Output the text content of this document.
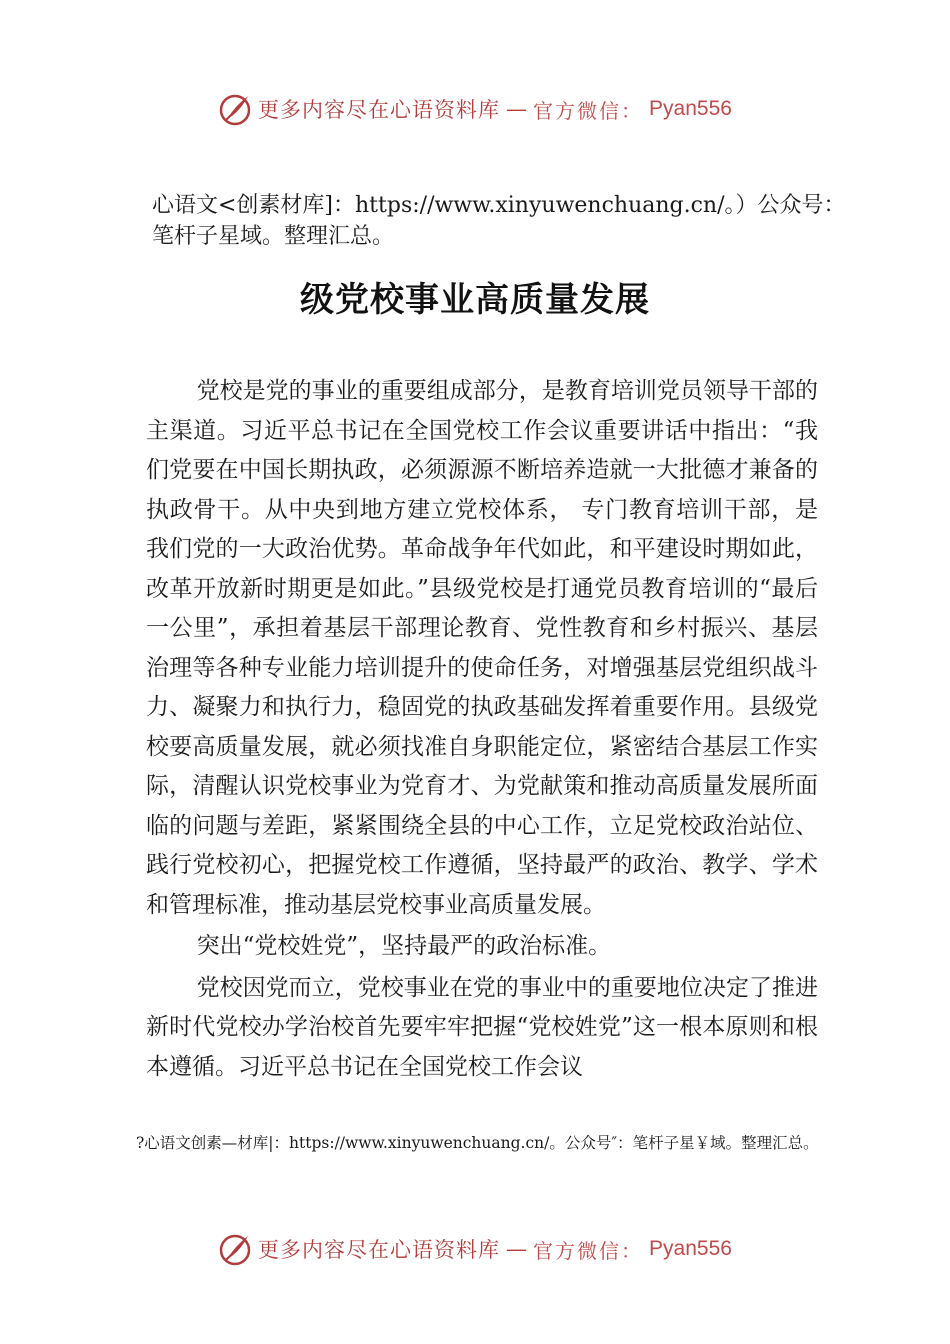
更多内容尽在心语资料库 — 官方微信： Pyan556
心语文<创素材库]：https://www.xinyuwenchuang.cn/。）公众号：笔杆子星域。整理汇总。
级党校事业高质量发展

党校是党的事业的重要组成部分，是教育培训党员领导干部的主渠道。习近平总书记在全国党校工作会议重要讲话中指出：“我们党要在中国长期执政，必须源源不断培养造就一大批德才兼备的执政骨干。从中央到地方建立党校体系， 专门教育培训干部，是我们党的一大政治优势。革命战争年代如此，和平建设时期如此，改革开放新时期更是如此。”县级党校是打通党员教育培训的“最后一公里”，承担着基层干部理论教育、党性教育和乡村振兴、基层治理等各种专业能力培训提升的使命任务，对增强基层党组织战斗力、凝聚力和执行力，稳固党的执政基础发挥着重要作用。县级党校要高质量发展，就必须找准自身职能定位，紧密结合基层工作实际，清醒认识党校事业为党育才、为党献策和推动高质量发展所面临的问题与差距，紧紧围绕全县的中心工作，立足党校政治站位、践行党校初心，把握党校工作遵循，坚持最严的政治、教学、学术和管理标准，推动基层党校事业高质量发展。

突出“党校姓党”，坚持最严的政治标准。

党校因党而立，党校事业在党的事业中的重要地位决定了推进新时代党校办学治校首先要牢牢把握“党校姓党”这一根本原则和根本遵循。习近平总书记在全国党校工作会议

?心语文创素—材库|：https://www.xinyuwenchuang.cn/。公众号″：笔杆子星￥域。整理汇总。
更多内容尽在心语资料库 — 官方微信： Pyan556
